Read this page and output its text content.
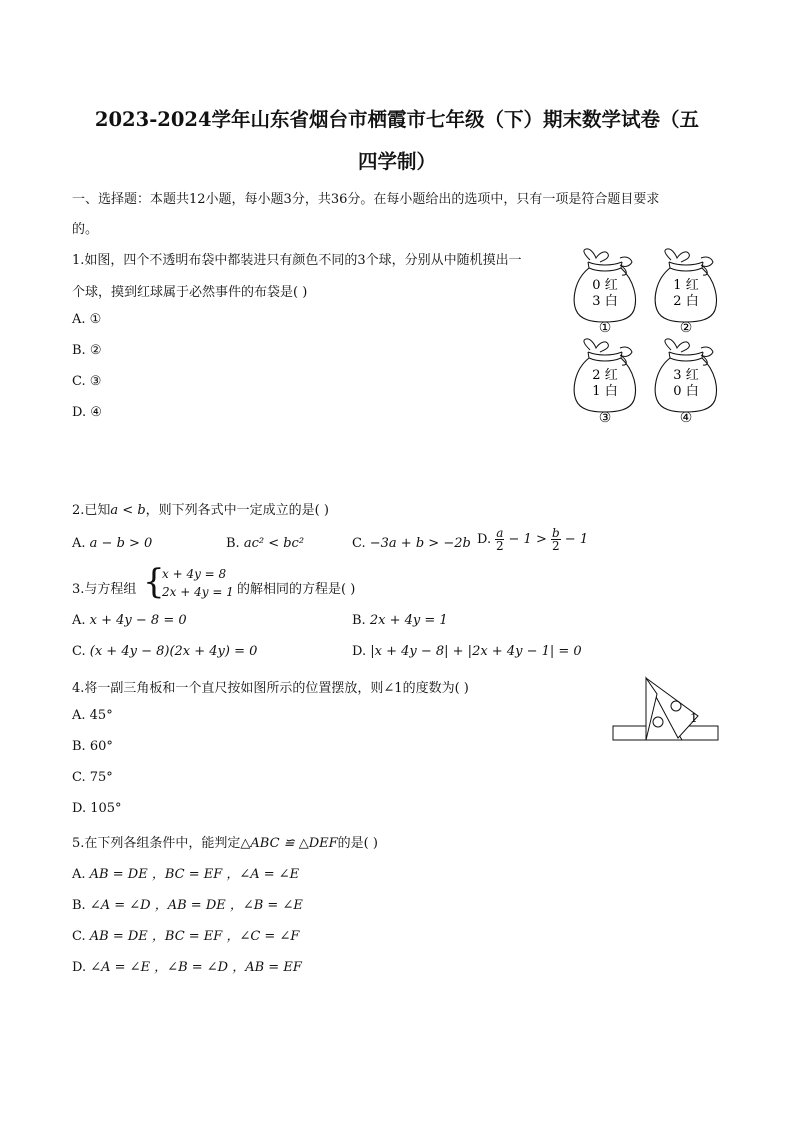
2023-2024学年山东省烟台市栖霞市七年级（下）期末数学试卷（五
四学制）
一、选择题：本题共12小题，每小题3分，共36分。在每小题给出的选项中，只有一项是符合题目要求
的。
1.如图，四个不透明布袋中都装进只有颜色不同的3个球，分别从中随机摸出一
个球，摸到红球属于必然事件的布袋是( )
A. ①
B. ②
C. ③
D. ④
0 红
3 白
①
1 红
2 白
②
2 红
1 白
③
3 红
0 白
④
2.已知a < b，则下列各式中一定成立的是( )
A. a − b > 0	B. ac² < bc²	C. −3a + b > −2b D. $\frac{a}{2} - 1 > \frac{b}{2} - 1$
3.与方程组 {
x + 4y = 8
2x + 4y = 1 的解相同的方程是( )
A. x + 4y − 8 = 0	B. 2x + 4y = 1
C. (x + 4y − 8)(2x + 4y) = 0	D. |x + 4y − 8| + |2x + 4y − 1| = 0
4.将一副三角板和一个直尺按如图所示的位置摆放，则∠1的度数为( )
A. 45°
B. 60°
C. 75°
D. 105°
1
5.在下列各组条件中，能判定△ABC ≌ △DEF的是( )
A. AB = DE ，BC = EF ，∠A = ∠E
B. ∠A = ∠D ，AB = DE ，∠B = ∠E
C. AB = DE ，BC = EF ，∠C = ∠F
D. ∠A = ∠E ，∠B = ∠D ，AB = EF
